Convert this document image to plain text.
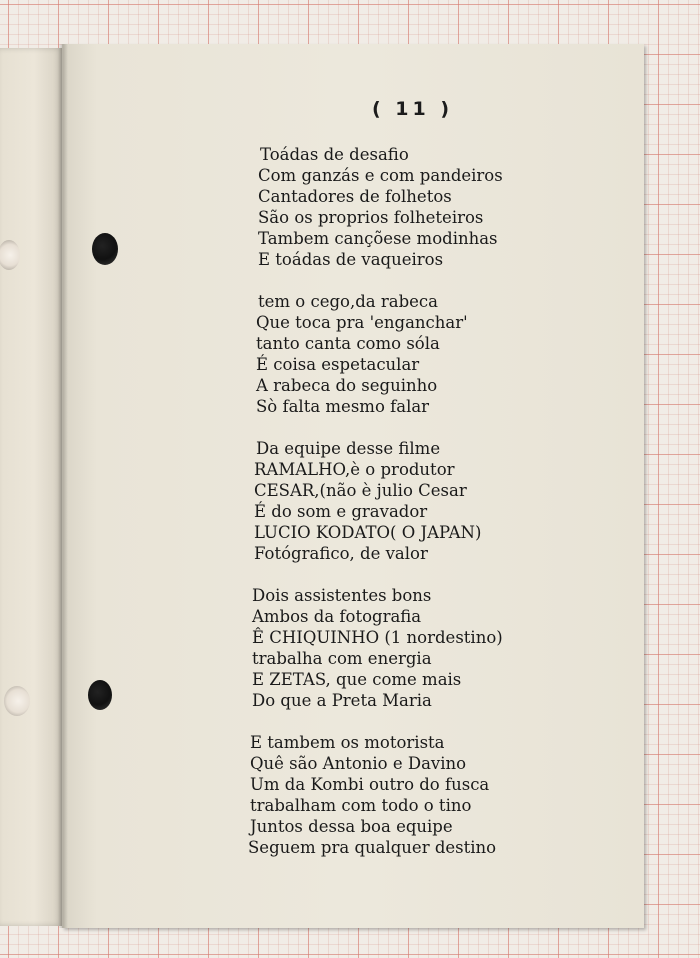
( 11 )
Toádas de desafio
Com ganzás e com pandeiros
Cantadores de folhetos
São os proprios folheteiros
Tambem cançõese modinhas
E toádas de vaqueiros
tem o cego,da rabeca
Que toca pra 'enganchar'
tanto canta como sóla
É coisa espetacular
A rabeca do seguinho
Sò falta mesmo falar
Da equipe desse filme
RAMALHO,è o produtor
CESAR,(não è julio Cesar
É do som e gravador
LUCIO KODATO( O JAPAN)
Fotógrafico, de valor
Dois assistentes bons
Ambos da fotografia
Ê CHIQUINHO (1 nordestino)
trabalha com energia
E ZETAS, que come mais
Do que a Preta Maria
E tambem os motorista
Quê são Antonio e Davino
Um da Kombi outro do fusca
trabalham com todo o tino
Juntos dessa boa equipe
Seguem pra qualquer destino
